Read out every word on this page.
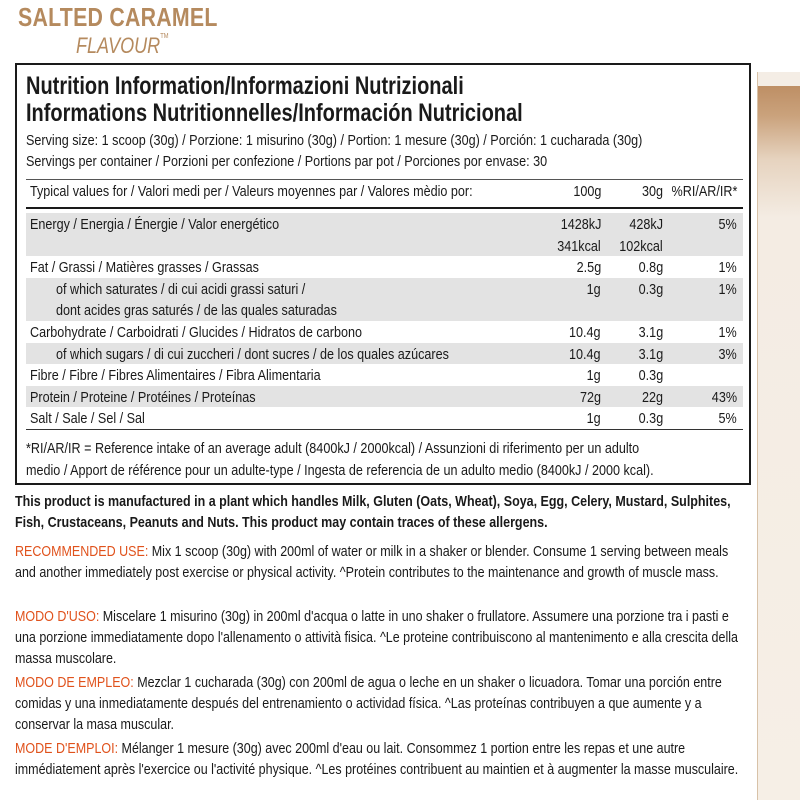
SALTED CARAMEL
FLAVOUR™
Nutrition Information/Informazioni Nutrizionali
Informations Nutritionnelles/Información Nutricional
Serving size: 1 scoop (30g) / Porzione: 1 misurino (30g) / Portion: 1 mesure (30g) / Porción: 1 cucharada (30g)
Servings per container / Porzioni per confezione / Portions par pot / Porciones por envase: 30
Typical values for / Valori medi per / Valeurs moyennes par / Valores mèdio por:	100g	30g %RI/AR/IR*
Energy / Energia / Énergie / Valor energético	1428kJ 428kJ	5%
341kcal 102kcal
Fat / Grassi / Matières grasses / Grassas	2.5g 0.8g	1%
of which saturates / di cui acidi grassi saturi /	1g 0.3g	1%
dont acides gras saturés / de las quales saturadas
Carbohydrate / Carboidrati / Glucides / Hidratos de carbono	10.4g 3.1g	1%
of which sugars / di cui zuccheri / dont sucres / de los quales azúcares	10.4g 3.1g	3%
Fibre / Fibre / Fibres Alimentaires / Fibra Alimentaria	1g 0.3g
Protein / Proteine / Protéines / Proteínas	72g	22g	43%
Salt / Sale / Sel / Sal	1g 0.3g	5%
*RI/AR/IR = Reference intake of an average adult (8400kJ / 2000kcal) / Assunzioni di riferimento per un adulto
medio / Apport de référence pour un adulte-type / Ingesta de referencia de un adulto medio (8400kJ / 2000 kcal).
This product is manufactured in a plant which handles Milk, Gluten (Oats, Wheat), Soya, Egg, Celery, Mustard, Sulphites, Fish, Crustaceans, Peanuts and Nuts. This product may contain traces of these allergens.
RECOMMENDED USE: Mix 1 scoop (30g) with 200ml of water or milk in a shaker or blender. Consume 1 serving between meals and another immediately post exercise or physical activity. ^Protein contributes to the maintenance and growth of muscle mass.
MODO D'USO: Miscelare 1 misurino (30g) in 200ml d'acqua o latte in uno shaker o frullatore. Assumere una porzione tra i pasti e una porzione immediatamente dopo l'allenamento o attività fisica. ^Le proteine contribuiscono al mantenimento e alla crescita della massa muscolare.
MODO DE EMPLEO: Mezclar 1 cucharada (30g) con 200ml de agua o leche en un shaker o licuadora. Tomar una porción entre comidas y una inmediatamente después del entrenamiento o actividad física. ^Las proteínas contribuyen a que aumente y a conservar la masa muscular.
MODE D'EMPLOI: Mélanger 1 mesure (30g) avec 200ml d'eau ou lait. Consommez 1 portion entre les repas et une autre immédiatement après l'exercice ou l'activité physique. ^Les protéines contribuent au maintien et à augmenter la masse musculaire.
